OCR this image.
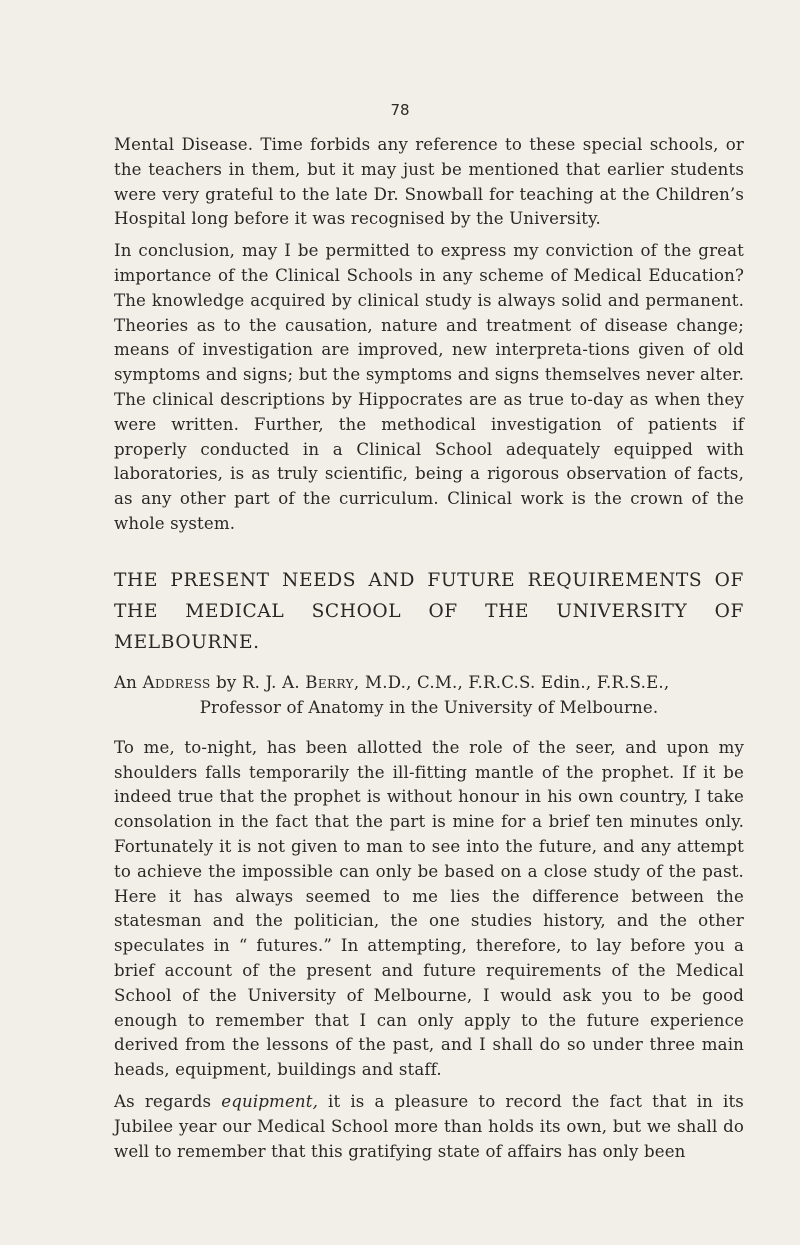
78

Mental Disease. Time forbids any reference to these special schools, or the teachers in them, but it may just be mentioned that earlier students were very grateful to the late Dr. Snowball for teaching at the Children’s Hospital long before it was recognised by the University.

In conclusion, may I be permitted to express my conviction of the great importance of the Clinical Schools in any scheme of Medical Education? The knowledge acquired by clinical study is always solid and permanent. Theories as to the causation, nature and treatment of disease change; means of investigation are improved, new interpreta-tions given of old symptoms and signs; but the symptoms and signs themselves never alter. The clinical descriptions by Hippocrates are as true to-day as when they were written. Further, the methodical investigation of patients if properly conducted in a Clinical School adequately equipped with laboratories, is as truly scientific, being a rigorous observation of facts, as any other part of the curriculum. Clinical work is the crown of the whole system.

THE PRESENT NEEDS AND FUTURE REQUIREMENTS OF THE MEDICAL SCHOOL OF THE UNIVERSITY OF MELBOURNE.
An Address by R. J. A. Berry, M.D., C.M., F.R.C.S. Edin., F.R.S.E.,
Professor of Anatomy in the University of Melbourne.

To me, to-night, has been allotted the role of the seer, and upon my shoulders falls temporarily the ill-fitting mantle of the prophet. If it be indeed true that the prophet is without honour in his own country, I take consolation in the fact that the part is mine for a brief ten minutes only. Fortunately it is not given to man to see into the future, and any attempt to achieve the impossible can only be based on a close study of the past. Here it has always seemed to me lies the difference between the statesman and the politician, the one studies history, and the other speculates in “ futures.” In attempting, therefore, to lay before you a brief account of the present and future requirements of the Medical School of the University of Melbourne, I would ask you to be good enough to remember that I can only apply to the future experience derived from the lessons of the past, and I shall do so under three main heads, equipment, buildings and staff.

As regards equipment, it is a pleasure to record the fact that in its Jubilee year our Medical School more than holds its own, but we shall do well to remember that this gratifying state of affairs has only been
